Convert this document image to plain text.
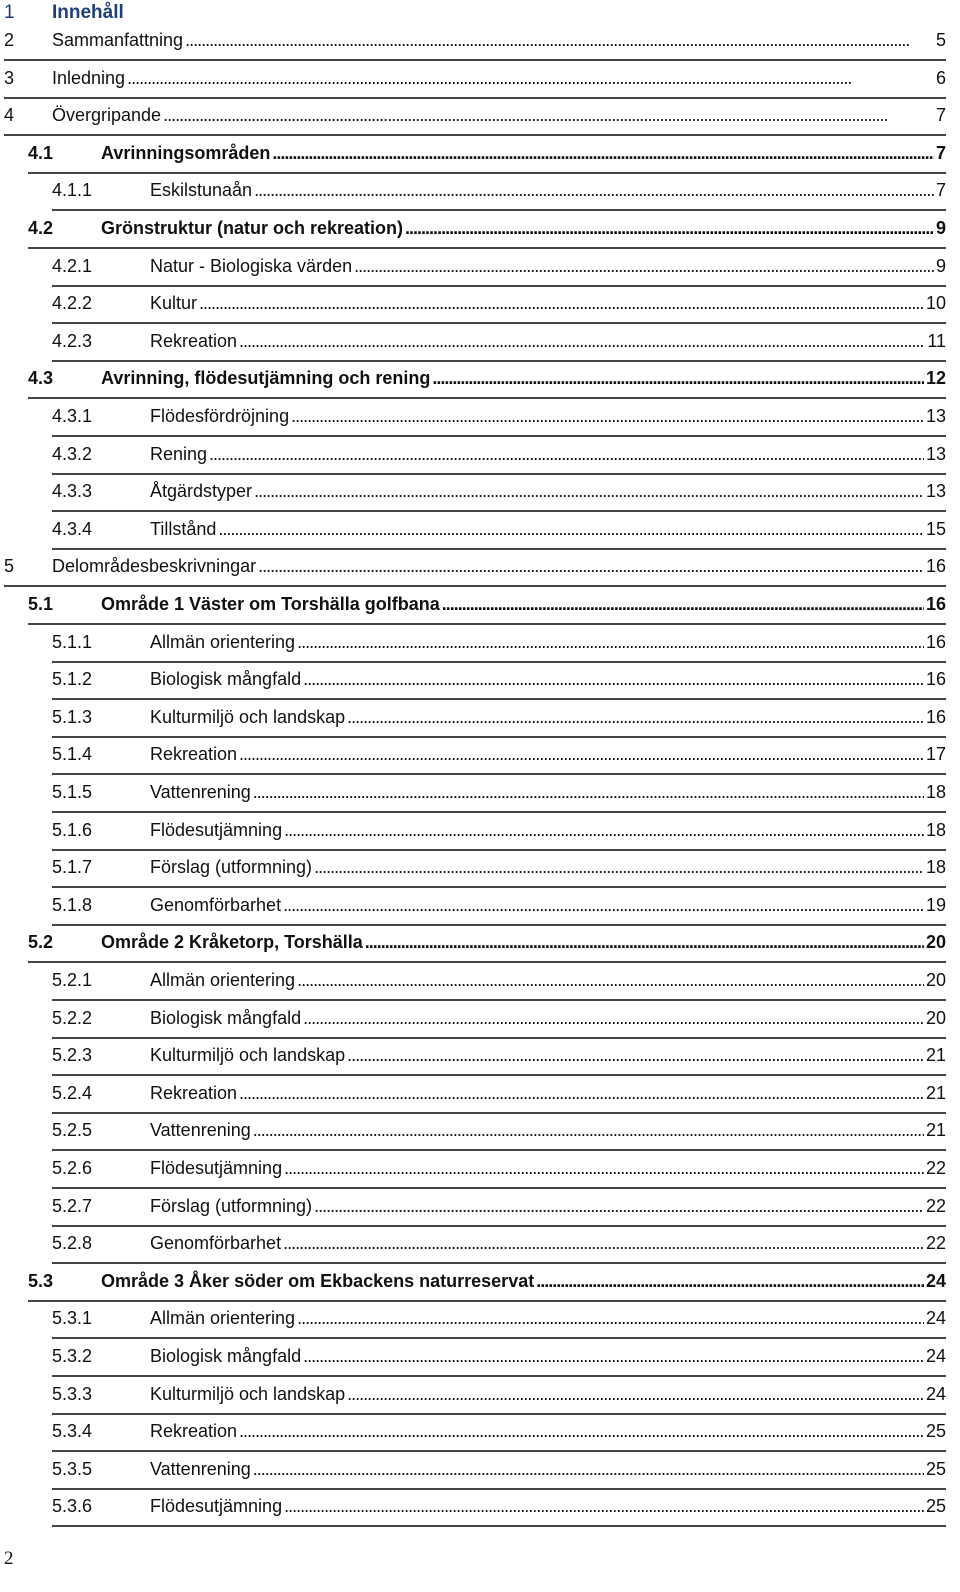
1 Innehåll
2	Sammanfattning . . .	5
3	Inledning . . .	6
4	Övergripande . . .	7
4.1	Avrinningsområden . . .	7
4.1.1	Eskilstunaån . . .	7
4.2	Grönstruktur (natur och rekreation) . . .	9
4.2.1	Natur - Biologiska värden . . .	9
4.2.2	Kultur . . .	10
4.2.3	Rekreation . . .	11
4.3	Avrinning, flödesutjämning och rening . . .	12
4.3.1	Flödesfördröjning . . .	13
4.3.2	Rening . . .	13
4.3.3	Åtgärdstyper . . .	13
4.3.4	Tillstånd . . .	15
5	Delområdesbeskrivningar . . .	16
5.1	Område 1 Väster om Torshälla golfbana . . .	16
5.1.1	Allmän orientering . . .	16
5.1.2	Biologisk mångfald . . .	16
5.1.3	Kulturmiljö och landskap . . .	16
5.1.4	Rekreation . . .	17
5.1.5	Vattenrening . . .	18
5.1.6	Flödesutjämning . . .	18
5.1.7	Förslag (utformning) . . .	18
5.1.8	Genomförbarhet . . .	19
5.2	Område 2 Kråketorp, Torshälla . . .	20
5.2.1	Allmän orientering . . .	20
5.2.2	Biologisk mångfald . . .	20
5.2.3	Kulturmiljö och landskap . . .	21
5.2.4	Rekreation . . .	21
5.2.5	Vattenrening . . .	21
5.2.6	Flödesutjämning . . .	22
5.2.7	Förslag (utformning) . . .	22
5.2.8	Genomförbarhet . . .	22
5.3	Område 3 Åker söder om Ekbackens naturreservat . . .	24
5.3.1	Allmän orientering . . .	24
5.3.2	Biologisk mångfald . . .	24
5.3.3	Kulturmiljö och landskap . . .	24
5.3.4	Rekreation . . .	25
5.3.5	Vattenrening . . .	25
5.3.6	Flödesutjämning . . .	25
2
